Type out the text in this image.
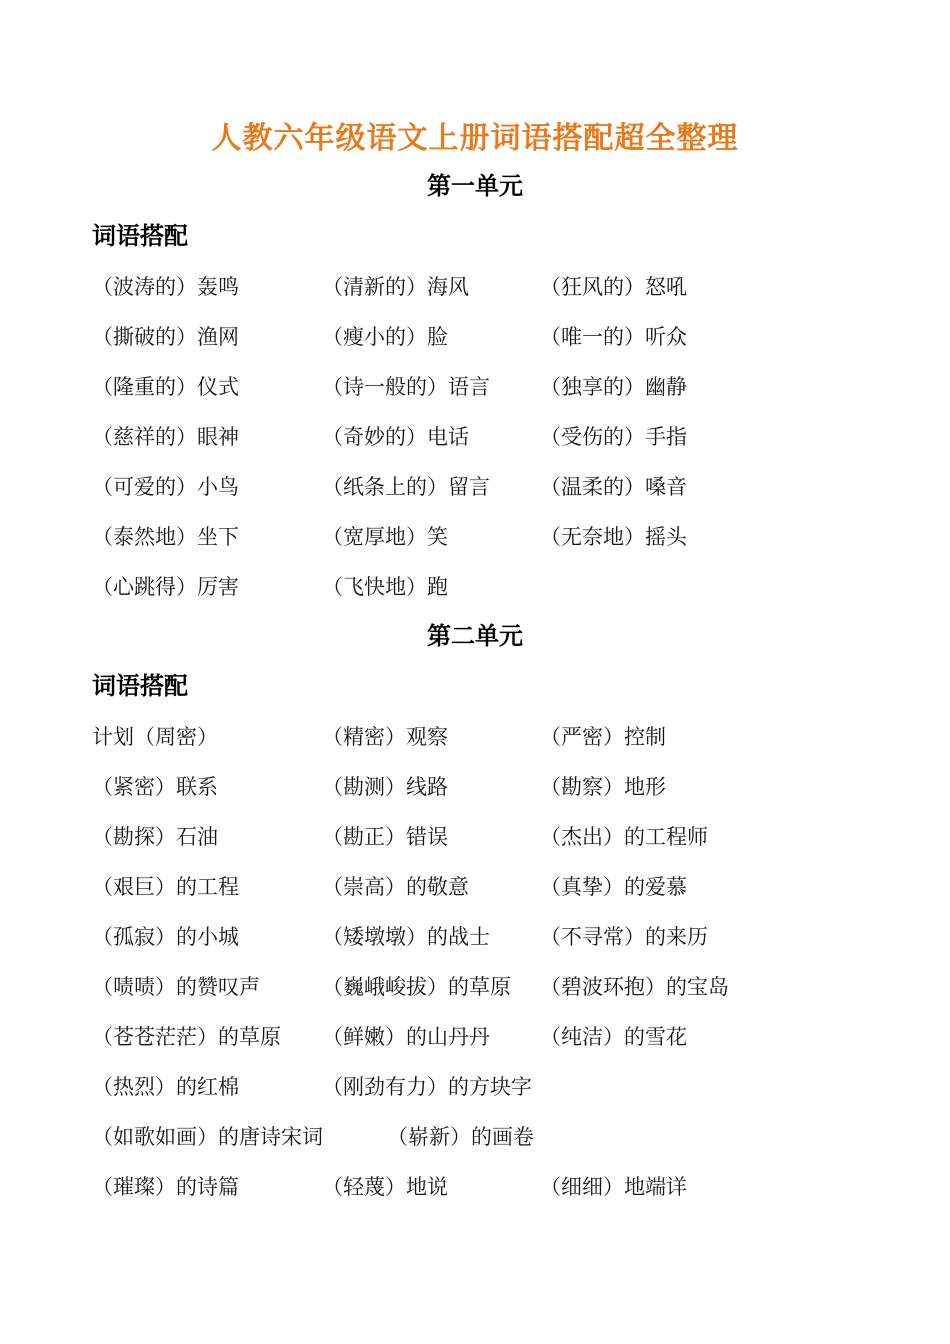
人教六年级语文上册词语搭配超全整理
第一单元
词语搭配
（波涛的）轰鸣	（清新的）海风	（狂风的）怒吼
（撕破的）渔网	（瘦小的）脸	（唯一的）听众
（隆重的）仪式	（诗一般的）语言	（独享的）幽静
（慈祥的）眼神	（奇妙的）电话	（受伤的）手指
（可爱的）小鸟	（纸条上的）留言	（温柔的）嗓音
（泰然地）坐下	（宽厚地）笑	（无奈地）摇头
（心跳得）厉害	（飞快地）跑
第二单元
词语搭配
计划（周密）	（精密）观察	（严密）控制
（紧密）联系	（勘测）线路	（勘察）地形
（勘探）石油	（勘正）错误	（杰出）的工程师
（艰巨）的工程	（崇高）的敬意	（真挚）的爱慕
（孤寂）的小城	（矮墩墩）的战士	（不寻常）的来历
（啧啧）的赞叹声	（巍峨峻拔）的草原	（碧波环抱）的宝岛
（苍苍茫茫）的草原	（鲜嫩）的山丹丹	（纯洁）的雪花
（热烈）的红棉	（刚劲有力）的方块字
（如歌如画）的唐诗宋词	（崭新）的画卷
（璀璨）的诗篇	（轻蔑）地说	（细细）地端详
